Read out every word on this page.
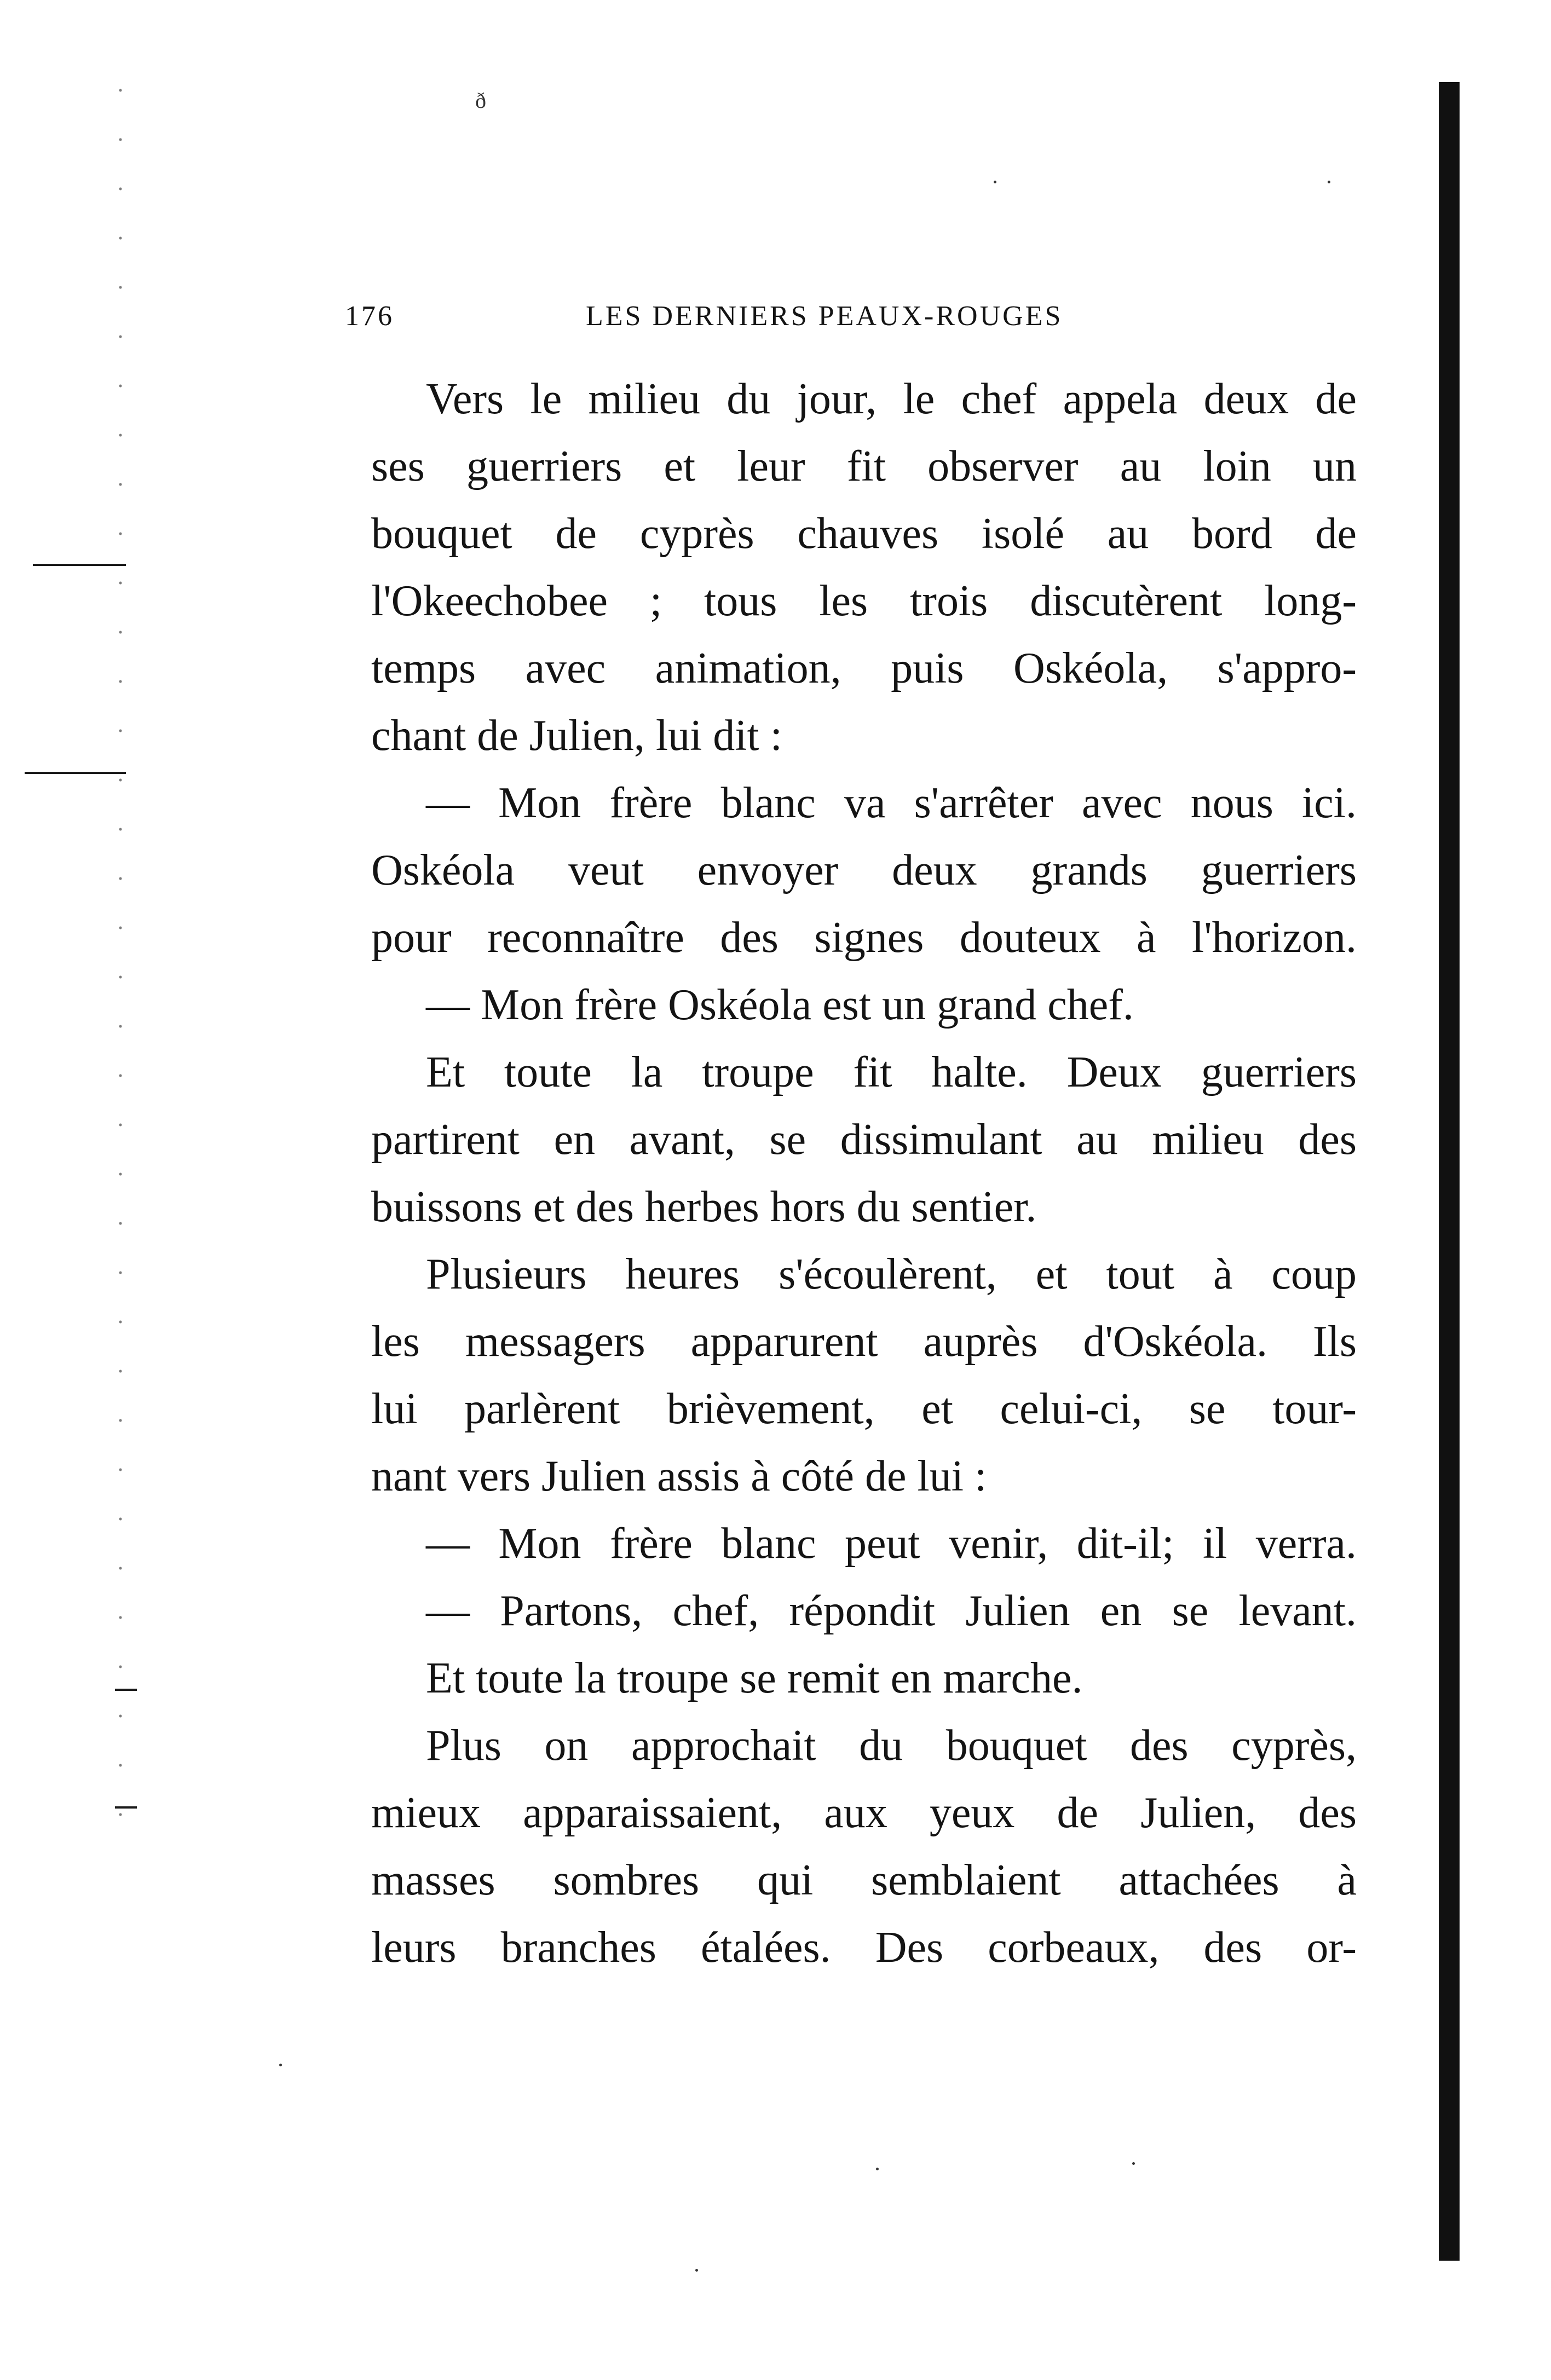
ð
176	LES DERNIERS PEAUX-ROUGES
Vers le milieu du jour, le chef appela deux de
ses guerriers et leur fit observer au loin un
bouquet de cyprès chauves isolé au bord de
l'Okeechobee ; tous les trois discutèrent long-
temps avec animation, puis Oskéola, s'appro-
chant de Julien, lui dit :
— Mon frère blanc va s'arrêter avec nous ici.
Oskéola veut envoyer deux grands guerriers
pour reconnaître des signes douteux à l'horizon.
— Mon frère Oskéola est un grand chef.
Et toute la troupe fit halte. Deux guerriers
partirent en avant, se dissimulant au milieu des
buissons et des herbes hors du sentier.
Plusieurs heures s'écoulèrent, et tout à coup
les messagers apparurent auprès d'Oskéola. Ils
lui parlèrent brièvement, et celui-ci, se tour-
nant vers Julien assis à côté de lui :
— Mon frère blanc peut venir, dit-il; il verra.
— Partons, chef, répondit Julien en se levant.
Et toute la troupe se remit en marche.
Plus on approchait du bouquet des cyprès,
mieux apparaissaient, aux yeux de Julien, des
masses sombres qui semblaient attachées à
leurs branches étalées. Des corbeaux, des or-
